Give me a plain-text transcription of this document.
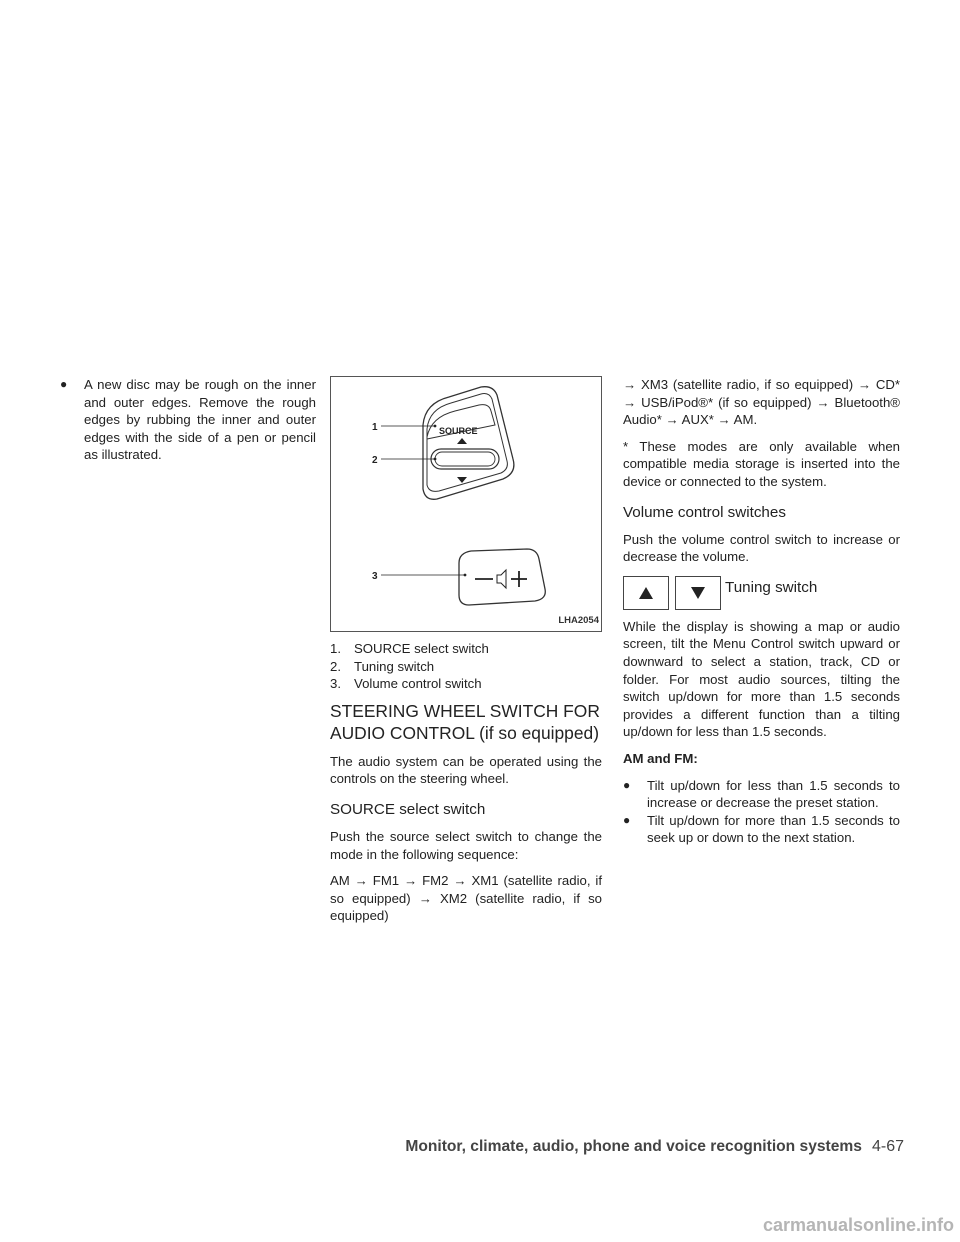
● A new disc may be rough on the inner and outer edges. Remove the rough edges by rubbing the inner and outer edges with the side of a pen or pencil as illustrated.

SOURCE
1
2
3
LHA2054
1. SOURCE select switch
2. Tuning switch
3. Volume control switch
STEERING WHEEL SWITCH FOR
AUDIO CONTROL (if so equipped)

The audio system can be operated using the controls on the steering wheel.

SOURCE select switch

Push the source select switch to change the mode in the following sequence:

AM → FM1 → FM2 → XM1 (satellite radio, if so equipped) → XM2 (satellite radio, if so equipped)

→ XM3 (satellite radio, if so equipped) → CD* → USB/iPod®* (if so equipped) → Bluetooth® Audio* → AUX* → AM.

* These modes are only available when compatible media storage is inserted into the device or connected to the system.

Volume control switches

Push the volume control switch to increase or decrease the volume.

Tuning switch

While the display is showing a map or audio screen, tilt the Menu Control switch upward or downward to select a station, track, CD or folder. For most audio sources, tilting the switch up/down for more than 1.5 seconds provides a different function than a tilting up/down for less than 1.5 seconds.

AM and FM:

● Tilt up/down for less than 1.5 seconds to increase or decrease the preset station.

● Tilt up/down for more than 1.5 seconds to seek up or down to the next station.

Monitor, climate, audio, phone and voice recognition systems 4-67
carmanualsonline.info
